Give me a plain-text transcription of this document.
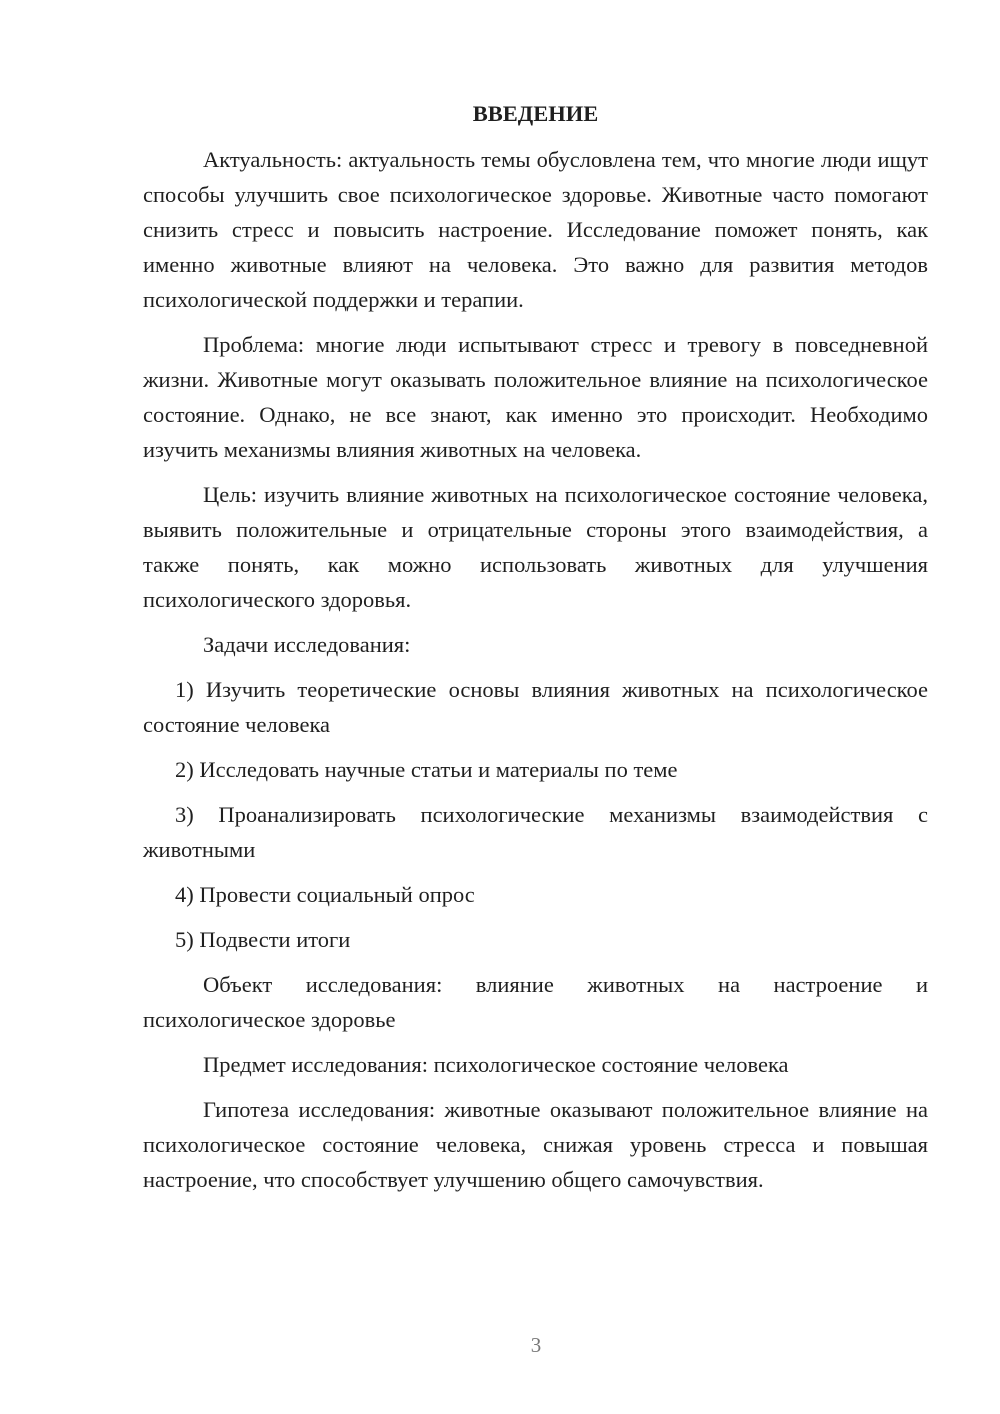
ВВЕДЕНИЕ

Актуальность: актуальность темы обусловлена тем, что многие люди ищут способы улучшить свое психологическое здоровье. Животные часто помогают снизить стресс и повысить настроение. Исследование поможет понять, как именно животные влияют на человека. Это важно для развития методов психологической поддержки и терапии.

Проблема: многие люди испытывают стресс и тревогу в повседневной жизни. Животные могут оказывать положительное влияние на психологическое состояние. Однако, не все знают, как именно это происходит. Необходимо изучить механизмы влияния животных на человека.

Цель: изучить влияние животных на психологическое состояние человека, выявить положительные и отрицательные стороны этого взаимодействия, а также понять, как можно использовать животных для улучшения психологического здоровья.

Задачи исследования:

1) Изучить теоретические основы влияния животных на психологическое состояние человека

2) Исследовать научные статьи и материалы по теме

3) Проанализировать психологические механизмы взаимодействия с животными

4) Провести социальный опрос

5) Подвести итоги

Объект исследования: влияние животных на настроение и психологическое здоровье

Предмет исследования: психологическое состояние человека

Гипотеза исследования: животные оказывают положительное влияние на психологическое состояние человека, снижая уровень стресса и повышая настроение, что способствует улучшению общего самочувствия.

3
